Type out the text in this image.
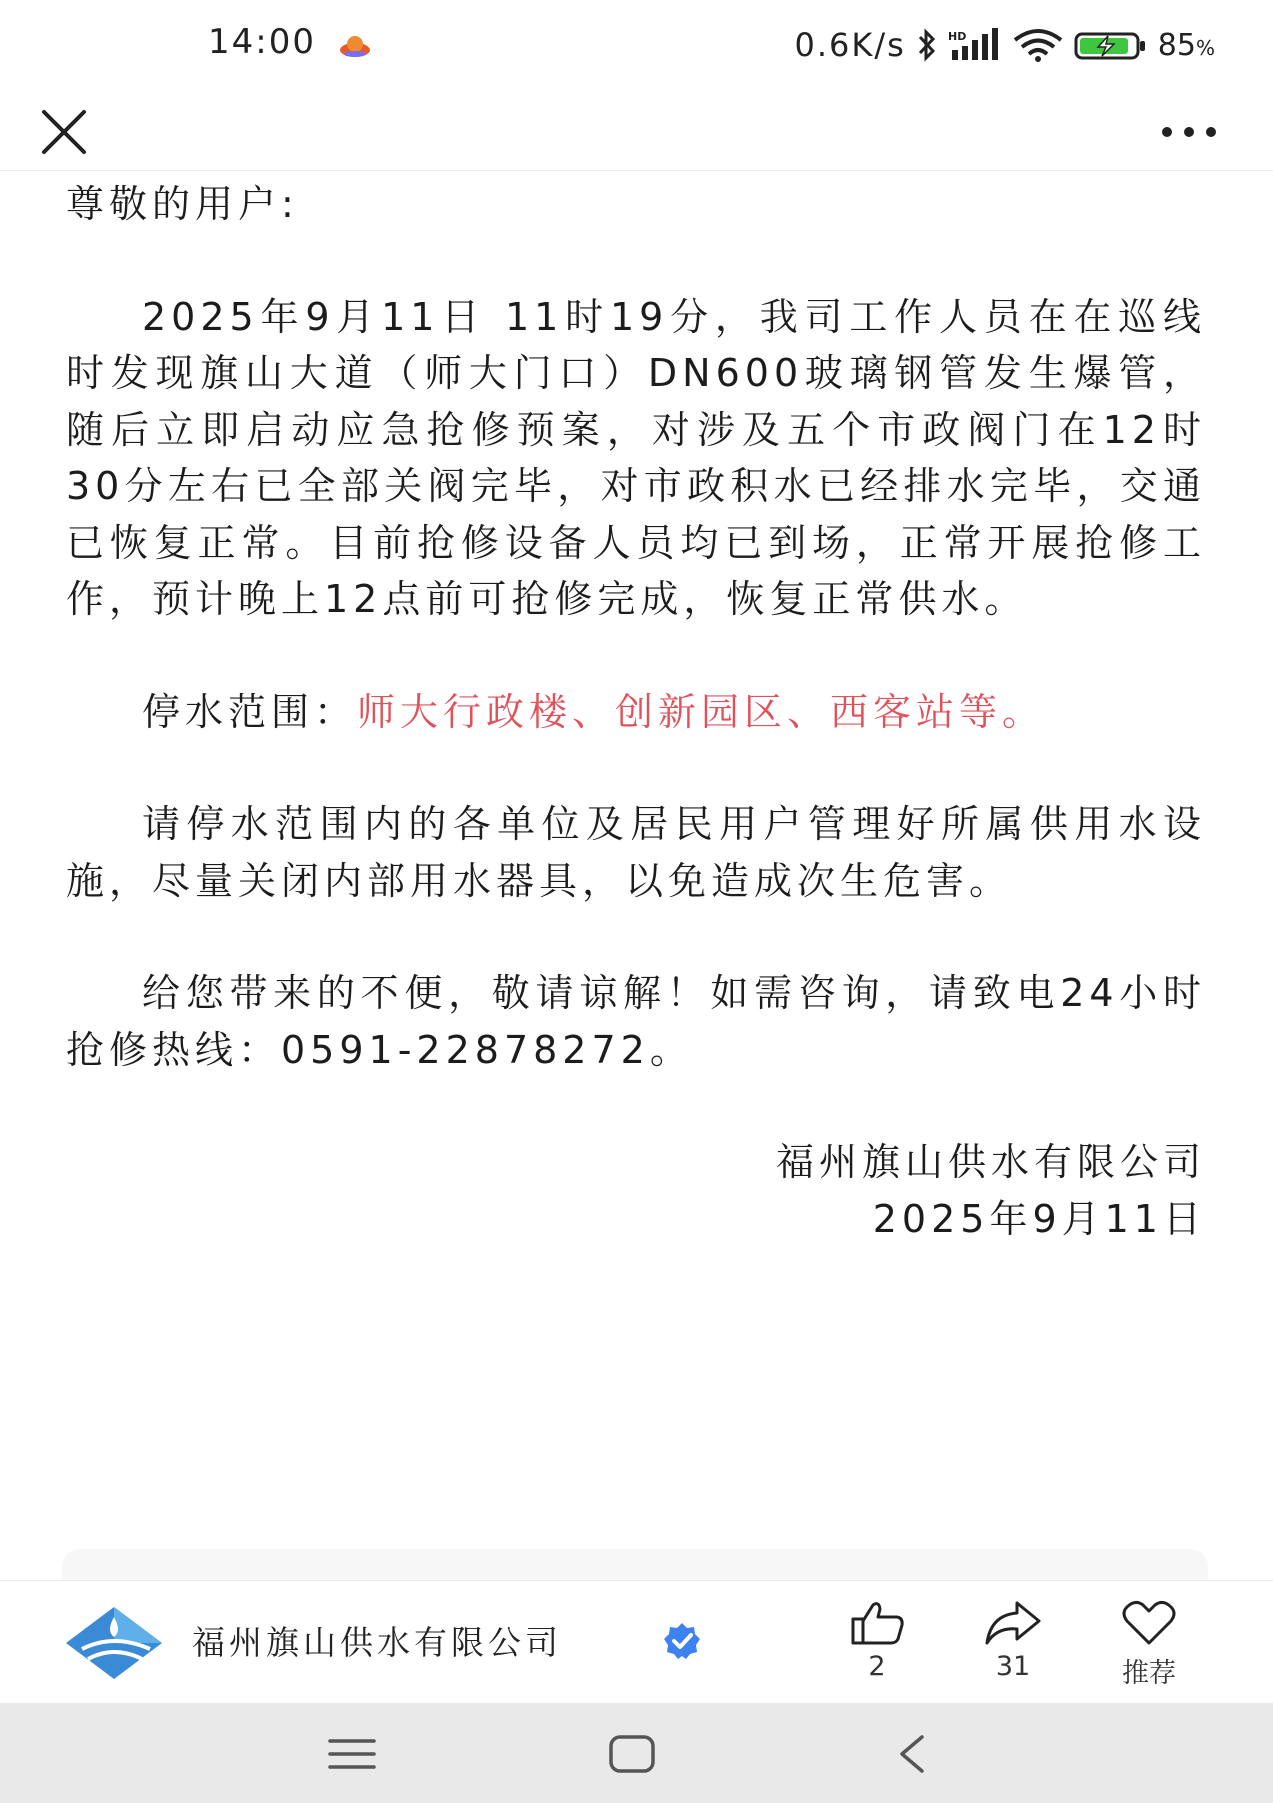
14:00	0.6K/s	HD	85%

尊敬的用户:

2025年9月11日 11时19分，我司工作人员在在巡线时发现旗山大道（师大门口）DN600玻璃钢管发生爆管，随后立即启动应急抢修预案，对涉及五个市政阀门在12时30分左右已全部关阀完毕，对市政积水已经排水完毕，交通已恢复正常。目前抢修设备人员均已到场，正常开展抢修工作，预计晚上12点前可抢修完成，恢复正常供水。

停水范围：师大行政楼、创新园区、西客站等。

请停水范围内的各单位及居民用户管理好所属供用水设施，尽量关闭内部用水器具，以免造成次生危害。

给您带来的不便，敬请谅解！如需咨询，请致电24小时抢修热线：0591-22878272。

福州旗山供水有限公司

2025年9月11日

福州旗山供水有限公司
2	31	推荐
